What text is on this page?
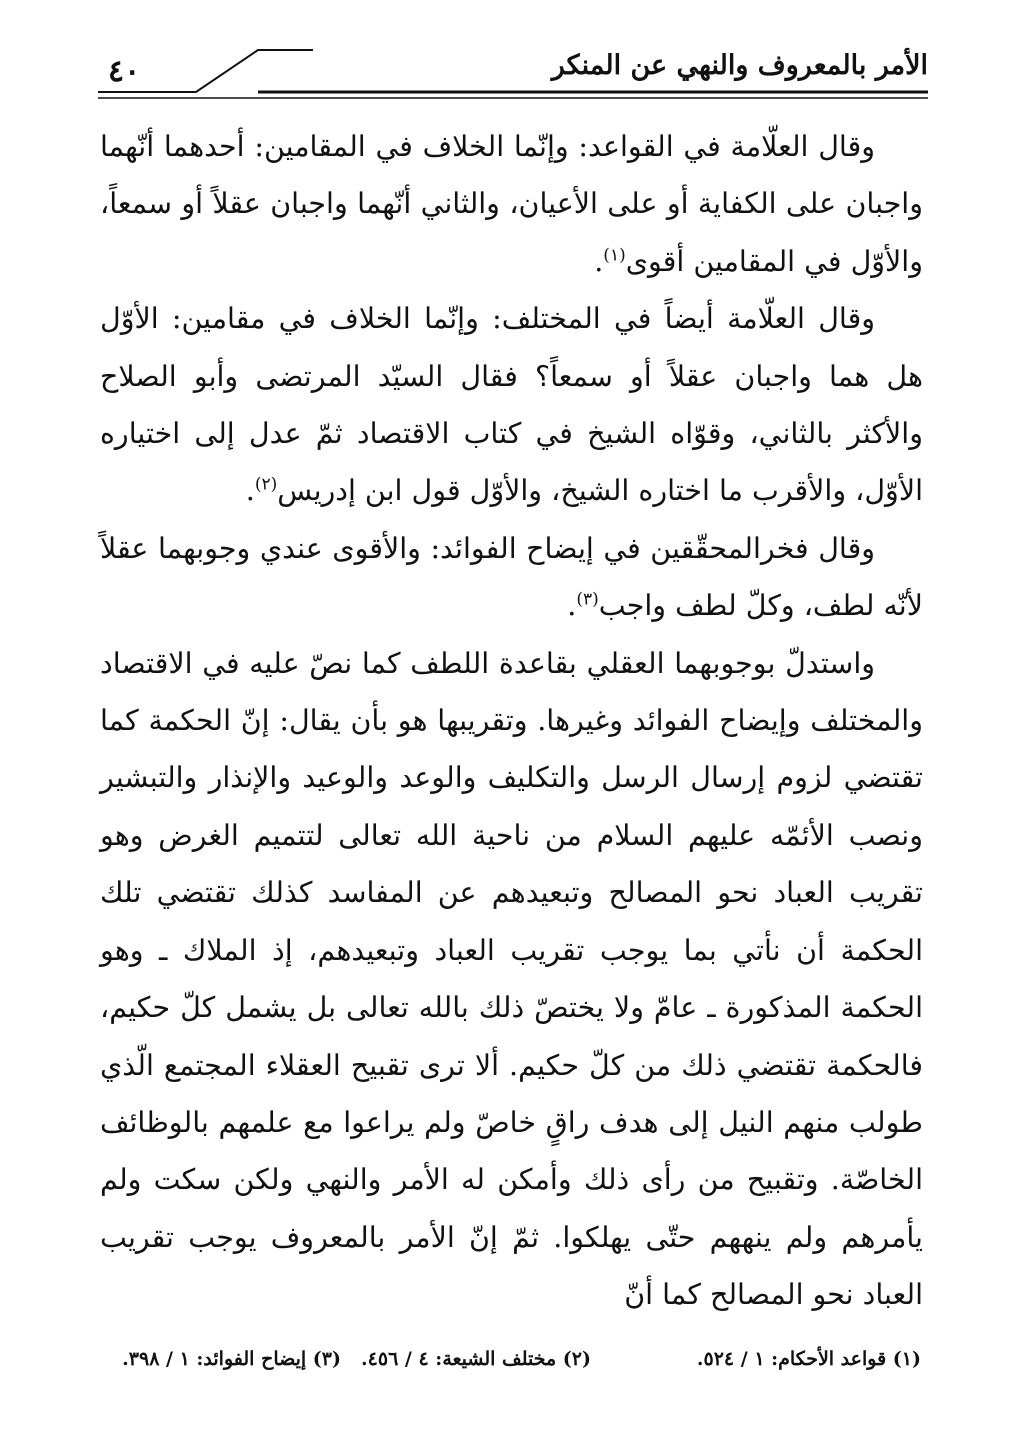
الأمر بالمعروف والنهي عن المنكر
٤٠

وقال العلّامة في القواعد: وإنّما الخلاف في المقامين: أحدهما أنّهما واجبان على الكفاية أو على الأعيان، والثاني أنّهما واجبان عقلاً أو سمعاً، والأوّل في المقامين أقوى$^{(١)}$.

وقال العلّامة أيضاً في المختلف: وإنّما الخلاف في مقامين: الأوّل هل هما واجبان عقلاً أو سمعاً؟ فقال السيّد المرتضى وأبو الصلاح والأكثر بالثاني، وقوّاه الشيخ في كتاب الاقتصاد ثمّ عدل إلى اختياره الأوّل، والأقرب ما اختاره الشيخ، والأوّل قول ابن إدريس$^{(٢)}$.

وقال فخرالمحقّقين في إيضاح الفوائد: والأقوى عندي وجوبهما عقلاً لأنّه لطف، وكلّ لطف واجب$^{(٣)}$.

واستدلّ بوجوبهما العقلي بقاعدة اللطف كما نصّ عليه في الاقتصاد والمختلف وإيضاح الفوائد وغيرها. وتقريبها هو بأن يقال: إنّ الحكمة كما تقتضي لزوم إرسال الرسل والتكليف والوعد والوعيد والإنذار والتبشير ونصب الأئمّه عليهم السلام من ناحية الله تعالى لتتميم الغرض وهو تقريب العباد نحو المصالح وتبعيدهم عن المفاسد كذلك تقتضي تلك الحكمة أن نأتي بما يوجب تقريب العباد وتبعيدهم، إذ الملاك ـ وهو الحكمة المذكورة ـ عامّ ولا يختصّ ذلك بالله تعالى بل يشمل كلّ حكيم، فالحكمة تقتضي ذلك من كلّ حكيم. ألا ترى تقبيح العقلاء المجتمع الّذي طولب منهم النيل إلى هدف راقٍ خاصّ ولم يراعوا مع علمهم بالوظائف الخاصّة. وتقبيح من رأى ذلك وأمكن له الأمر والنهي ولكن سكت ولم يأمرهم ولم ينههم حتّى يهلكوا. ثمّ إنّ الأمر بالمعروف يوجب تقريب العباد نحو المصالح كما أنّ

(١) قواعد الأحكام: ١ / ٥٢٤.
(٢) مختلف الشيعة: ٤ / ٤٥٦.
(٣) إيضاح الفوائد: ١ / ٣٩٨.
